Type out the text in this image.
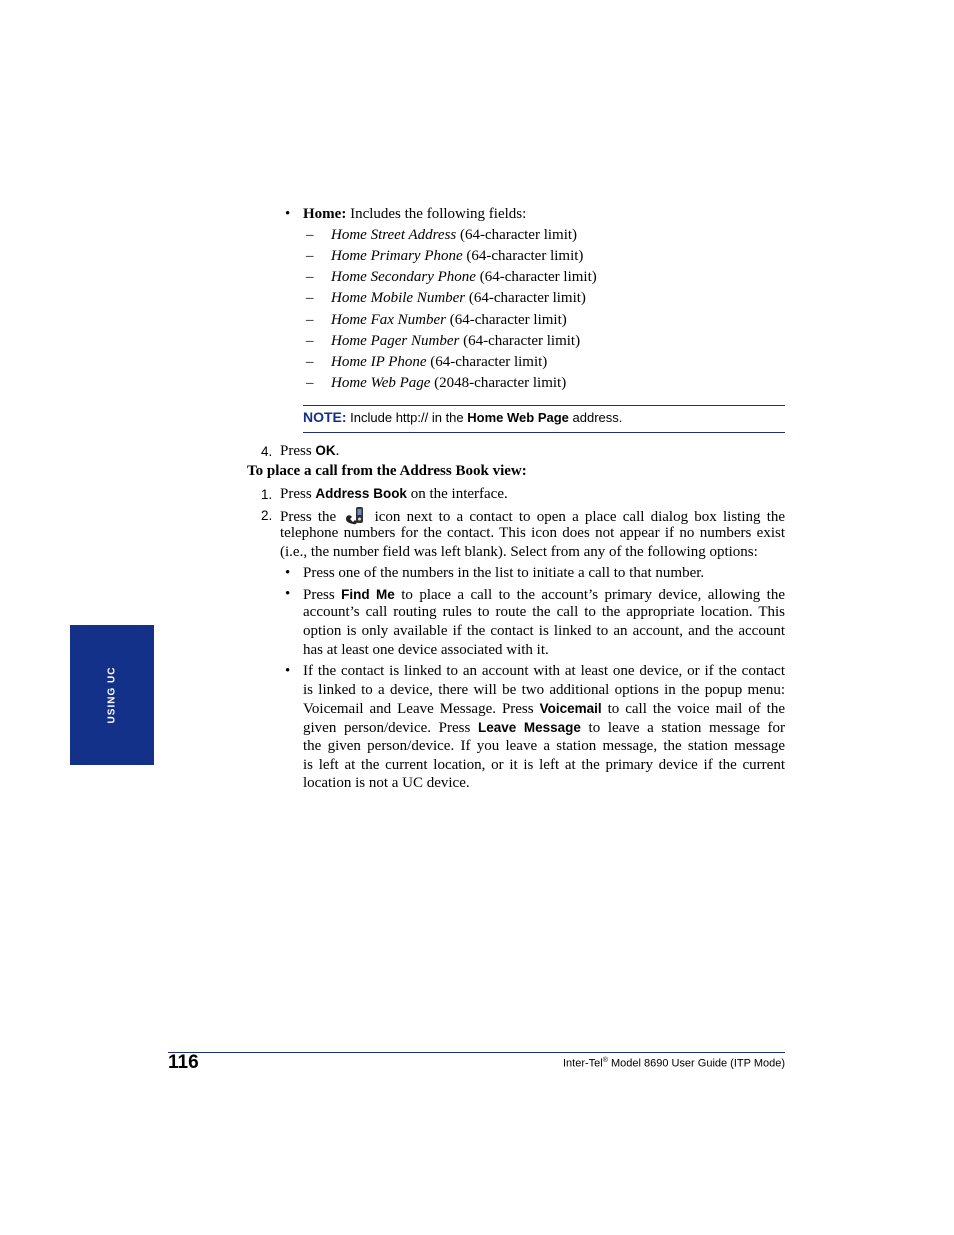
• Home: Includes the following fields:
– Home Street Address (64-character limit)
– Home Primary Phone (64-character limit)
– Home Secondary Phone (64-character limit)
– Home Mobile Number (64-character limit)
– Home Fax Number (64-character limit)
– Home Pager Number (64-character limit)
– Home IP Phone (64-character limit)
– Home Web Page (2048-character limit)
NOTE: Include http:// in the Home Web Page address.
4. Press OK.
To place a call from the Address Book view:
1. Press Address Book on the interface.
2. Press the	icon next to a contact to open a place call dialog box listing the
telephone numbers for the contact. This icon does not appear if no numbers exist
(i.e., the number field was left blank). Select from any of the following options:
• Press one of the numbers in the list to initiate a call to that number.
• Press Find Me to place a call to the account’s primary device, allowing the
account’s call routing rules to route the call to the appropriate location. This
option is only available if the contact is linked to an account, and the account
has at least one device associated with it.
• If the contact is linked to an account with at least one device, or if the contact
is linked to a device, there will be two additional options in the popup menu:
Voicemail and Leave Message. Press Voicemail to call the voice mail of the
given person/device. Press Leave Message to leave a station message for
the given person/device. If you leave a station message, the station message
is left at the current location, or it is left at the primary device if the current
location is not a UC device.
USING UC
116	Inter-Tel® Model 8690 User Guide (ITP Mode)
